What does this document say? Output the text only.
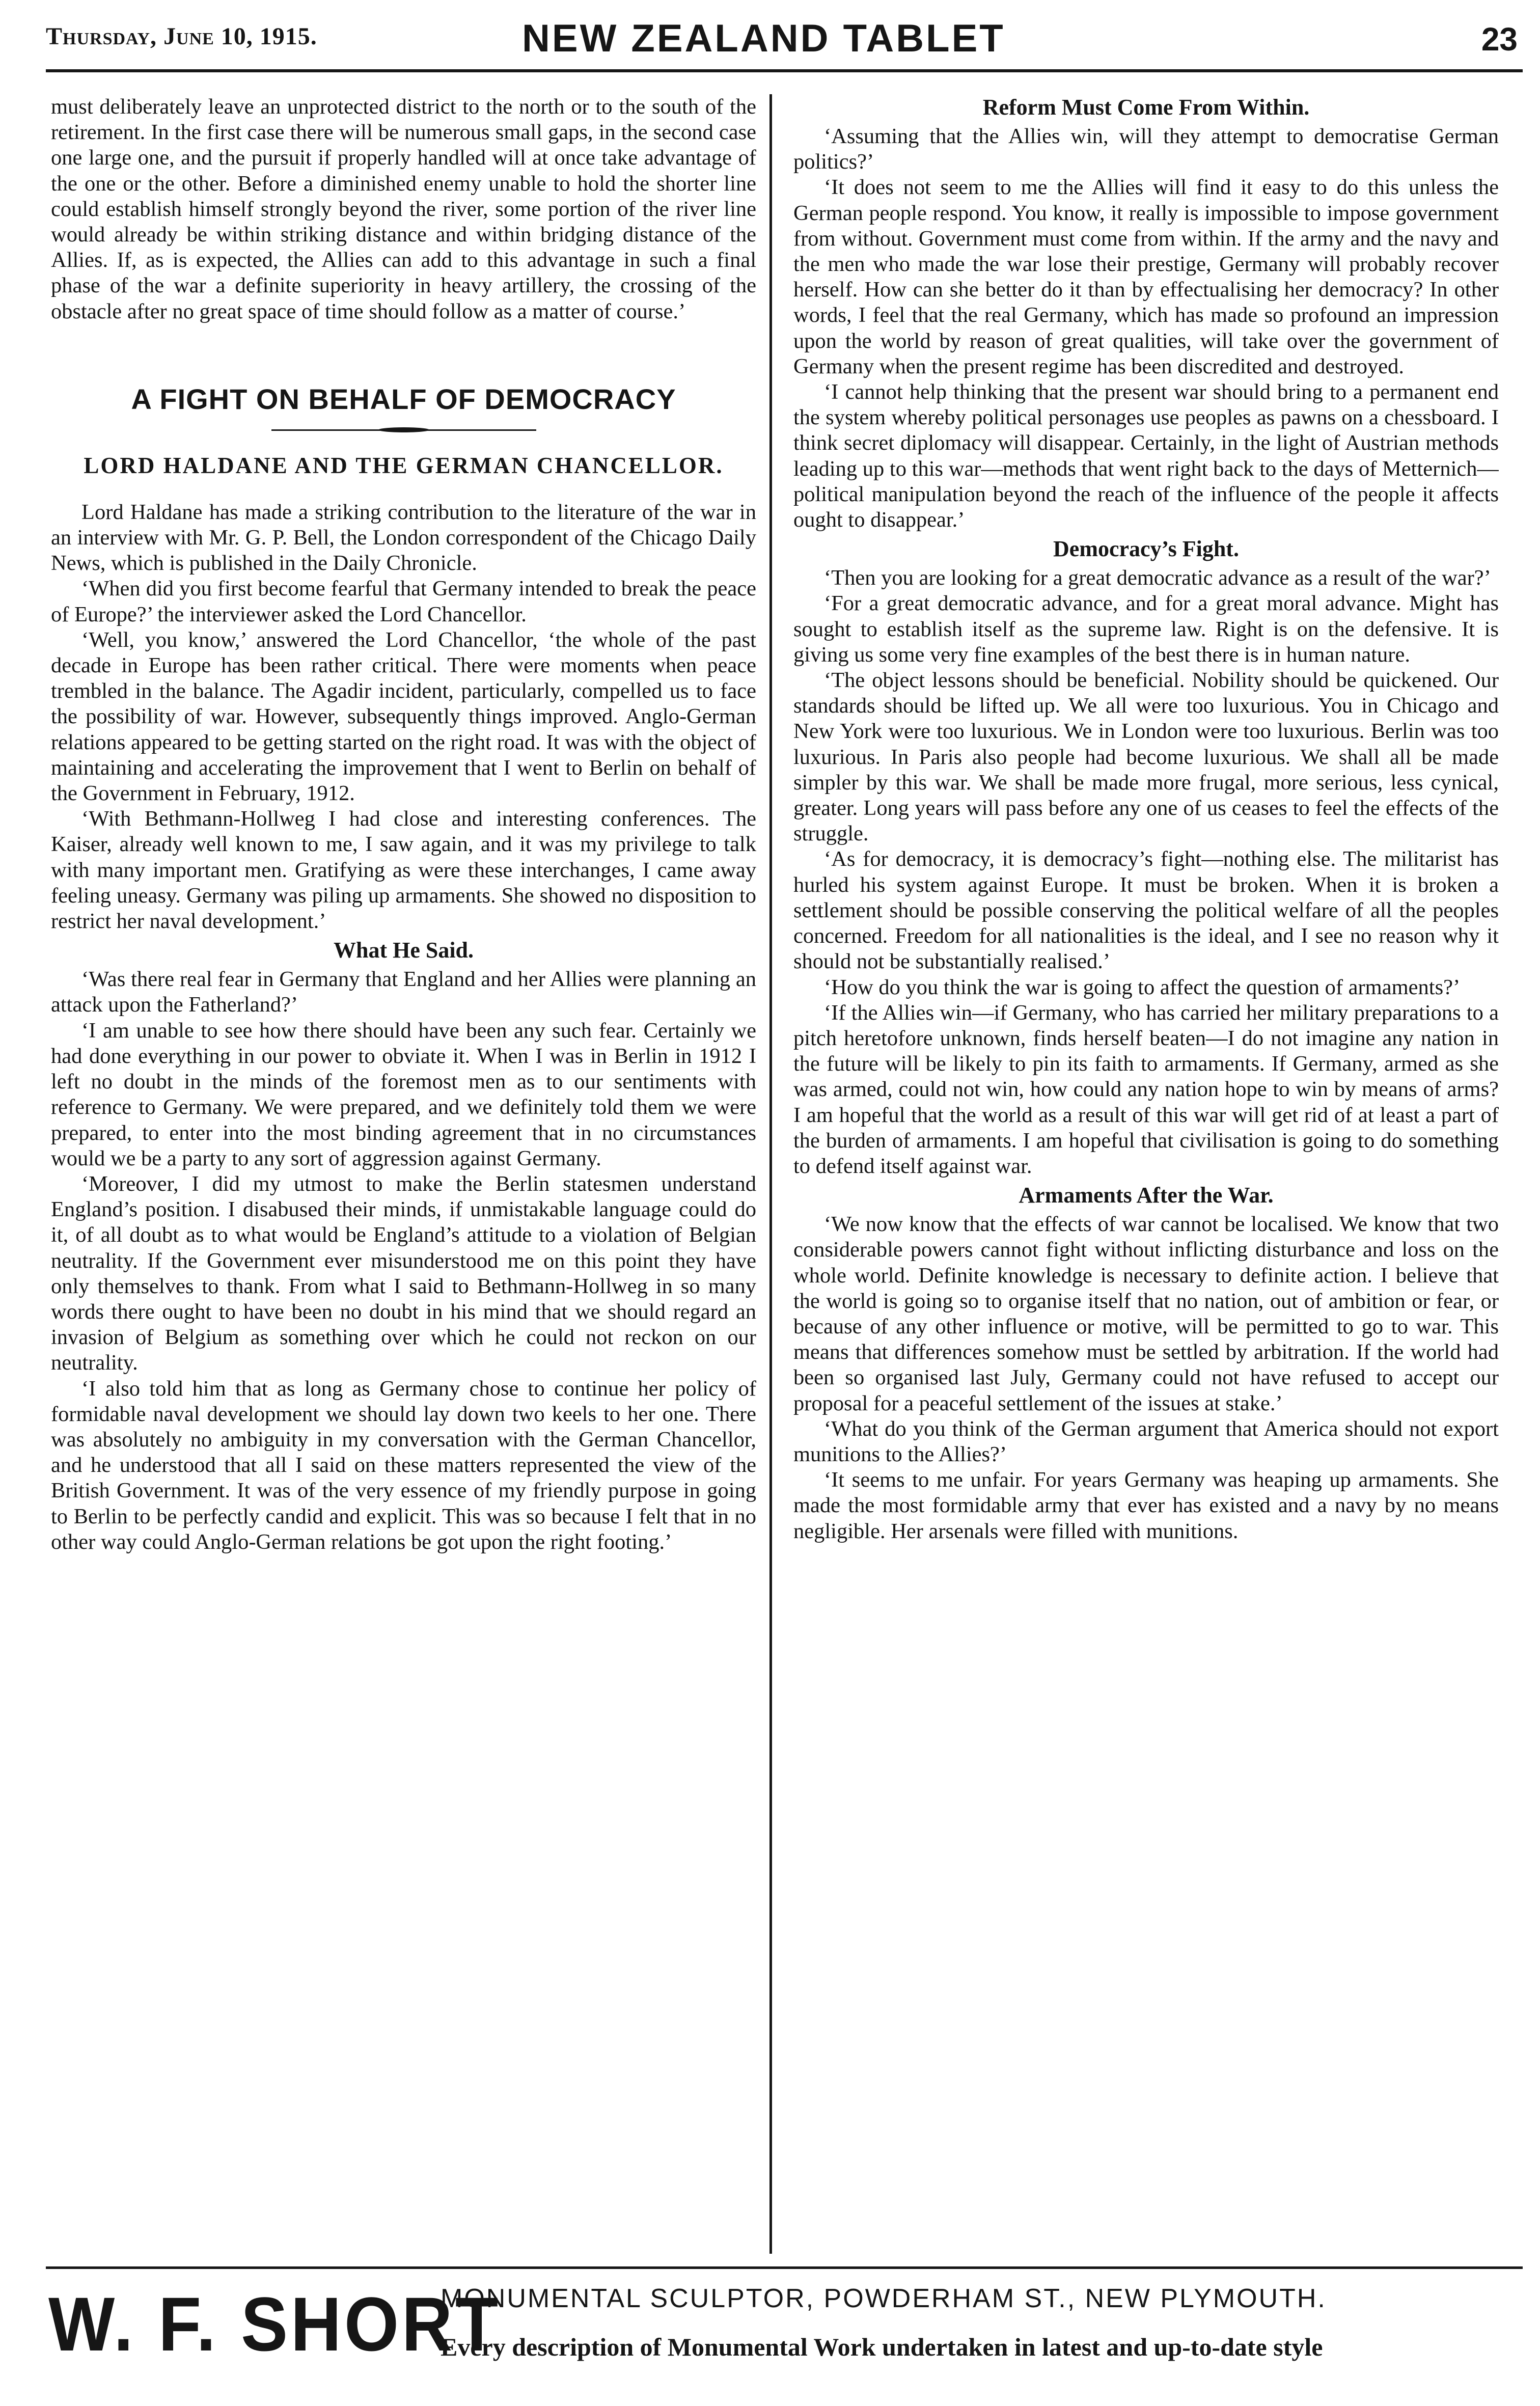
Thursday, June 10, 1915.	NEW ZEALAND TABLET	23

must deliberately leave an unprotected district to the north or to the south of the retirement. In the first case there will be numerous small gaps, in the second case one large one, and the pursuit if properly handled will at once take advantage of the one or the other. Before a diminished enemy unable to hold the shorter line could establish himself strongly beyond the river, some portion of the river line would already be within striking distance and within bridging distance of the Allies. If, as is expected, the Allies can add to this advantage in such a final phase of the war a definite superiority in heavy artillery, the crossing of the obstacle after no great space of time should follow as a matter of course.’

A FIGHT ON BEHALF OF DEMOCRACY
LORD HALDANE AND THE GERMAN CHANCELLOR.

Lord Haldane has made a striking contribution to the literature of the war in an interview with Mr. G. P. Bell, the London correspondent of the Chicago Daily News, which is published in the Daily Chronicle.

‘When did you first become fearful that Germany intended to break the peace of Europe?’ the interviewer asked the Lord Chancellor.

‘Well, you know,’ answered the Lord Chancellor, ‘the whole of the past decade in Europe has been rather critical. There were moments when peace trembled in the balance. The Agadir incident, particularly, compelled us to face the possibility of war. However, subsequently things improved. Anglo-German relations appeared to be getting started on the right road. It was with the object of maintaining and accelerating the improvement that I went to Berlin on behalf of the Government in February, 1912.

‘With Bethmann-Hollweg I had close and interesting conferences. The Kaiser, already well known to me, I saw again, and it was my privilege to talk with many important men. Gratifying as were these interchanges, I came away feeling uneasy. Germany was piling up armaments. She showed no disposition to restrict her naval development.’

What He Said.

‘Was there real fear in Germany that England and her Allies were planning an attack upon the Fatherland?’

‘I am unable to see how there should have been any such fear. Certainly we had done everything in our power to obviate it. When I was in Berlin in 1912 I left no doubt in the minds of the foremost men as to our sentiments with reference to Germany. We were prepared, and we definitely told them we were prepared, to enter into the most binding agreement that in no circumstances would we be a party to any sort of aggression against Germany.

‘Moreover, I did my utmost to make the Berlin statesmen understand England’s position. I disabused their minds, if unmistakable language could do it, of all doubt as to what would be England’s attitude to a violation of Belgian neutrality. If the Government ever misunderstood me on this point they have only themselves to thank. From what I said to Bethmann-Hollweg in so many words there ought to have been no doubt in his mind that we should regard an invasion of Belgium as something over which he could not reckon on our neutrality.

‘I also told him that as long as Germany chose to continue her policy of formidable naval development we should lay down two keels to her one. There was absolutely no ambiguity in my conversation with the German Chancellor, and he understood that all I said on these matters represented the view of the British Government. It was of the very essence of my friendly purpose in going to Berlin to be perfectly candid and explicit. This was so because I felt that in no other way could Anglo-German relations be got upon the right footing.’

Reform Must Come From Within.

‘Assuming that the Allies win, will they attempt to democratise German politics?’

‘It does not seem to me the Allies will find it easy to do this unless the German people respond. You know, it really is impossible to impose government from without. Government must come from within. If the army and the navy and the men who made the war lose their prestige, Germany will probably recover herself. How can she better do it than by effectualising her democracy? In other words, I feel that the real Germany, which has made so profound an impression upon the world by reason of great qualities, will take over the government of Germany when the present regime has been discredited and destroyed.

‘I cannot help thinking that the present war should bring to a permanent end the system whereby political personages use peoples as pawns on a chessboard. I think secret diplomacy will disappear. Certainly, in the light of Austrian methods leading up to this war—methods that went right back to the days of Metternich—political manipulation beyond the reach of the influence of the people it affects ought to disappear.’

Democracy’s Fight.

‘Then you are looking for a great democratic advance as a result of the war?’

‘For a great democratic advance, and for a great moral advance. Might has sought to establish itself as the supreme law. Right is on the defensive. It is giving us some very fine examples of the best there is in human nature.

‘The object lessons should be beneficial. Nobility should be quickened. Our standards should be lifted up. We all were too luxurious. You in Chicago and New York were too luxurious. We in London were too luxurious. Berlin was too luxurious. In Paris also people had become luxurious. We shall all be made simpler by this war. We shall be made more frugal, more serious, less cynical, greater. Long years will pass before any one of us ceases to feel the effects of the struggle.

‘As for democracy, it is democracy’s fight—nothing else. The militarist has hurled his system against Europe. It must be broken. When it is broken a settlement should be possible conserving the political welfare of all the peoples concerned. Freedom for all nationalities is the ideal, and I see no reason why it should not be substantially realised.’

‘How do you think the war is going to affect the question of armaments?’

‘If the Allies win—if Germany, who has carried her military preparations to a pitch heretofore unknown, finds herself beaten—I do not imagine any nation in the future will be likely to pin its faith to armaments. If Germany, armed as she was armed, could not win, how could any nation hope to win by means of arms? I am hopeful that the world as a result of this war will get rid of at least a part of the burden of armaments. I am hopeful that civilisation is going to do something to defend itself against war.

Armaments After the War.

‘We now know that the effects of war cannot be localised. We know that two considerable powers cannot fight without inflicting disturbance and loss on the whole world. Definite knowledge is necessary to definite action. I believe that the world is going so to organise itself that no nation, out of ambition or fear, or because of any other influence or motive, will be permitted to go to war. This means that differences somehow must be settled by arbitration. If the world had been so organised last July, Germany could not have refused to accept our proposal for a peaceful settlement of the issues at stake.’

‘What do you think of the German argument that America should not export munitions to the Allies?’

‘It seems to me unfair. For years Germany was heaping up armaments. She made the most formidable army that ever has existed and a navy by no means negligible. Her arsenals were filled with munitions.

W. F. SHORT

MONUMENTAL SCULPTOR, POWDERHAM ST., NEW PLYMOUTH.

Every description of Monumental Work undertaken in latest and up-to-date style
